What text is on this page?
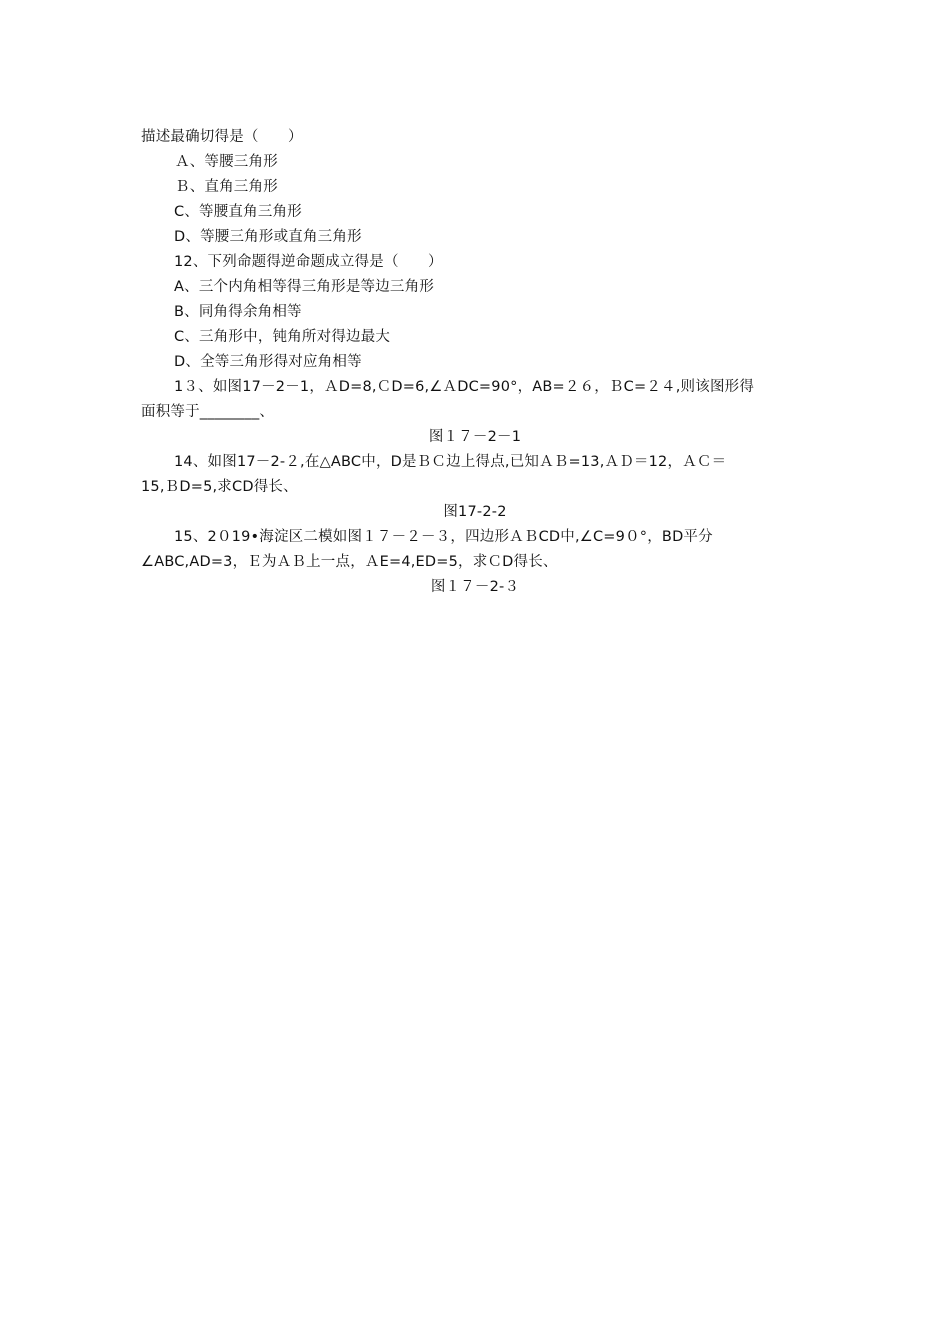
描述最确切得是（　　）
Ａ、等腰三角形
Ｂ、直角三角形
C、等腰直角三角形
D、等腰三角形或直角三角形
12、下列命题得逆命题成立得是（　　）
A、三个内角相等得三角形是等边三角形
B、同角得余角相等
C、三角形中，钝角所对得边最大
D、全等三角形得对应角相等
1３、如图17－2－1，ＡD=8,ＣD=6,∠ＡDC=90°，AB=２６，ＢC=２４,则该图形得
面积等于________、
图１７－2－1
14、如图17－2-２,在△ABC中，D是ＢＣ边上得点,已知ＡＢ=13,ＡＤ＝12，ＡＣ＝
15,ＢD=5,求CD得长、
图17-2-2
15、2０19•海淀区二模如图１７－２－３，四边形ＡＢCD中,∠C=9０°，BD平分
∠ABC,AD=3，Ｅ为ＡＢ上一点，ＡE=4,ED=5，求ＣD得长、
图１７－2-３
